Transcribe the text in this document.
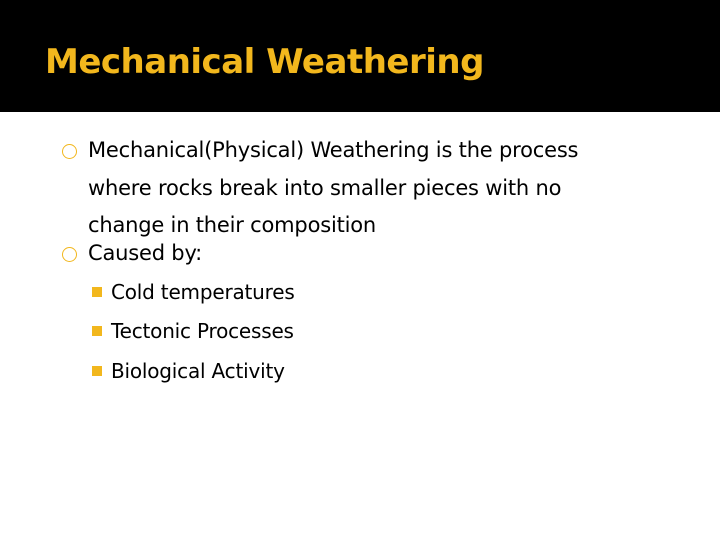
Mechanical Weathering
Mechanical(Physical) Weathering is the process
where rocks break into smaller pieces with no
change in their composition
Caused by:
Cold temperatures
Tectonic Processes
Biological Activity
